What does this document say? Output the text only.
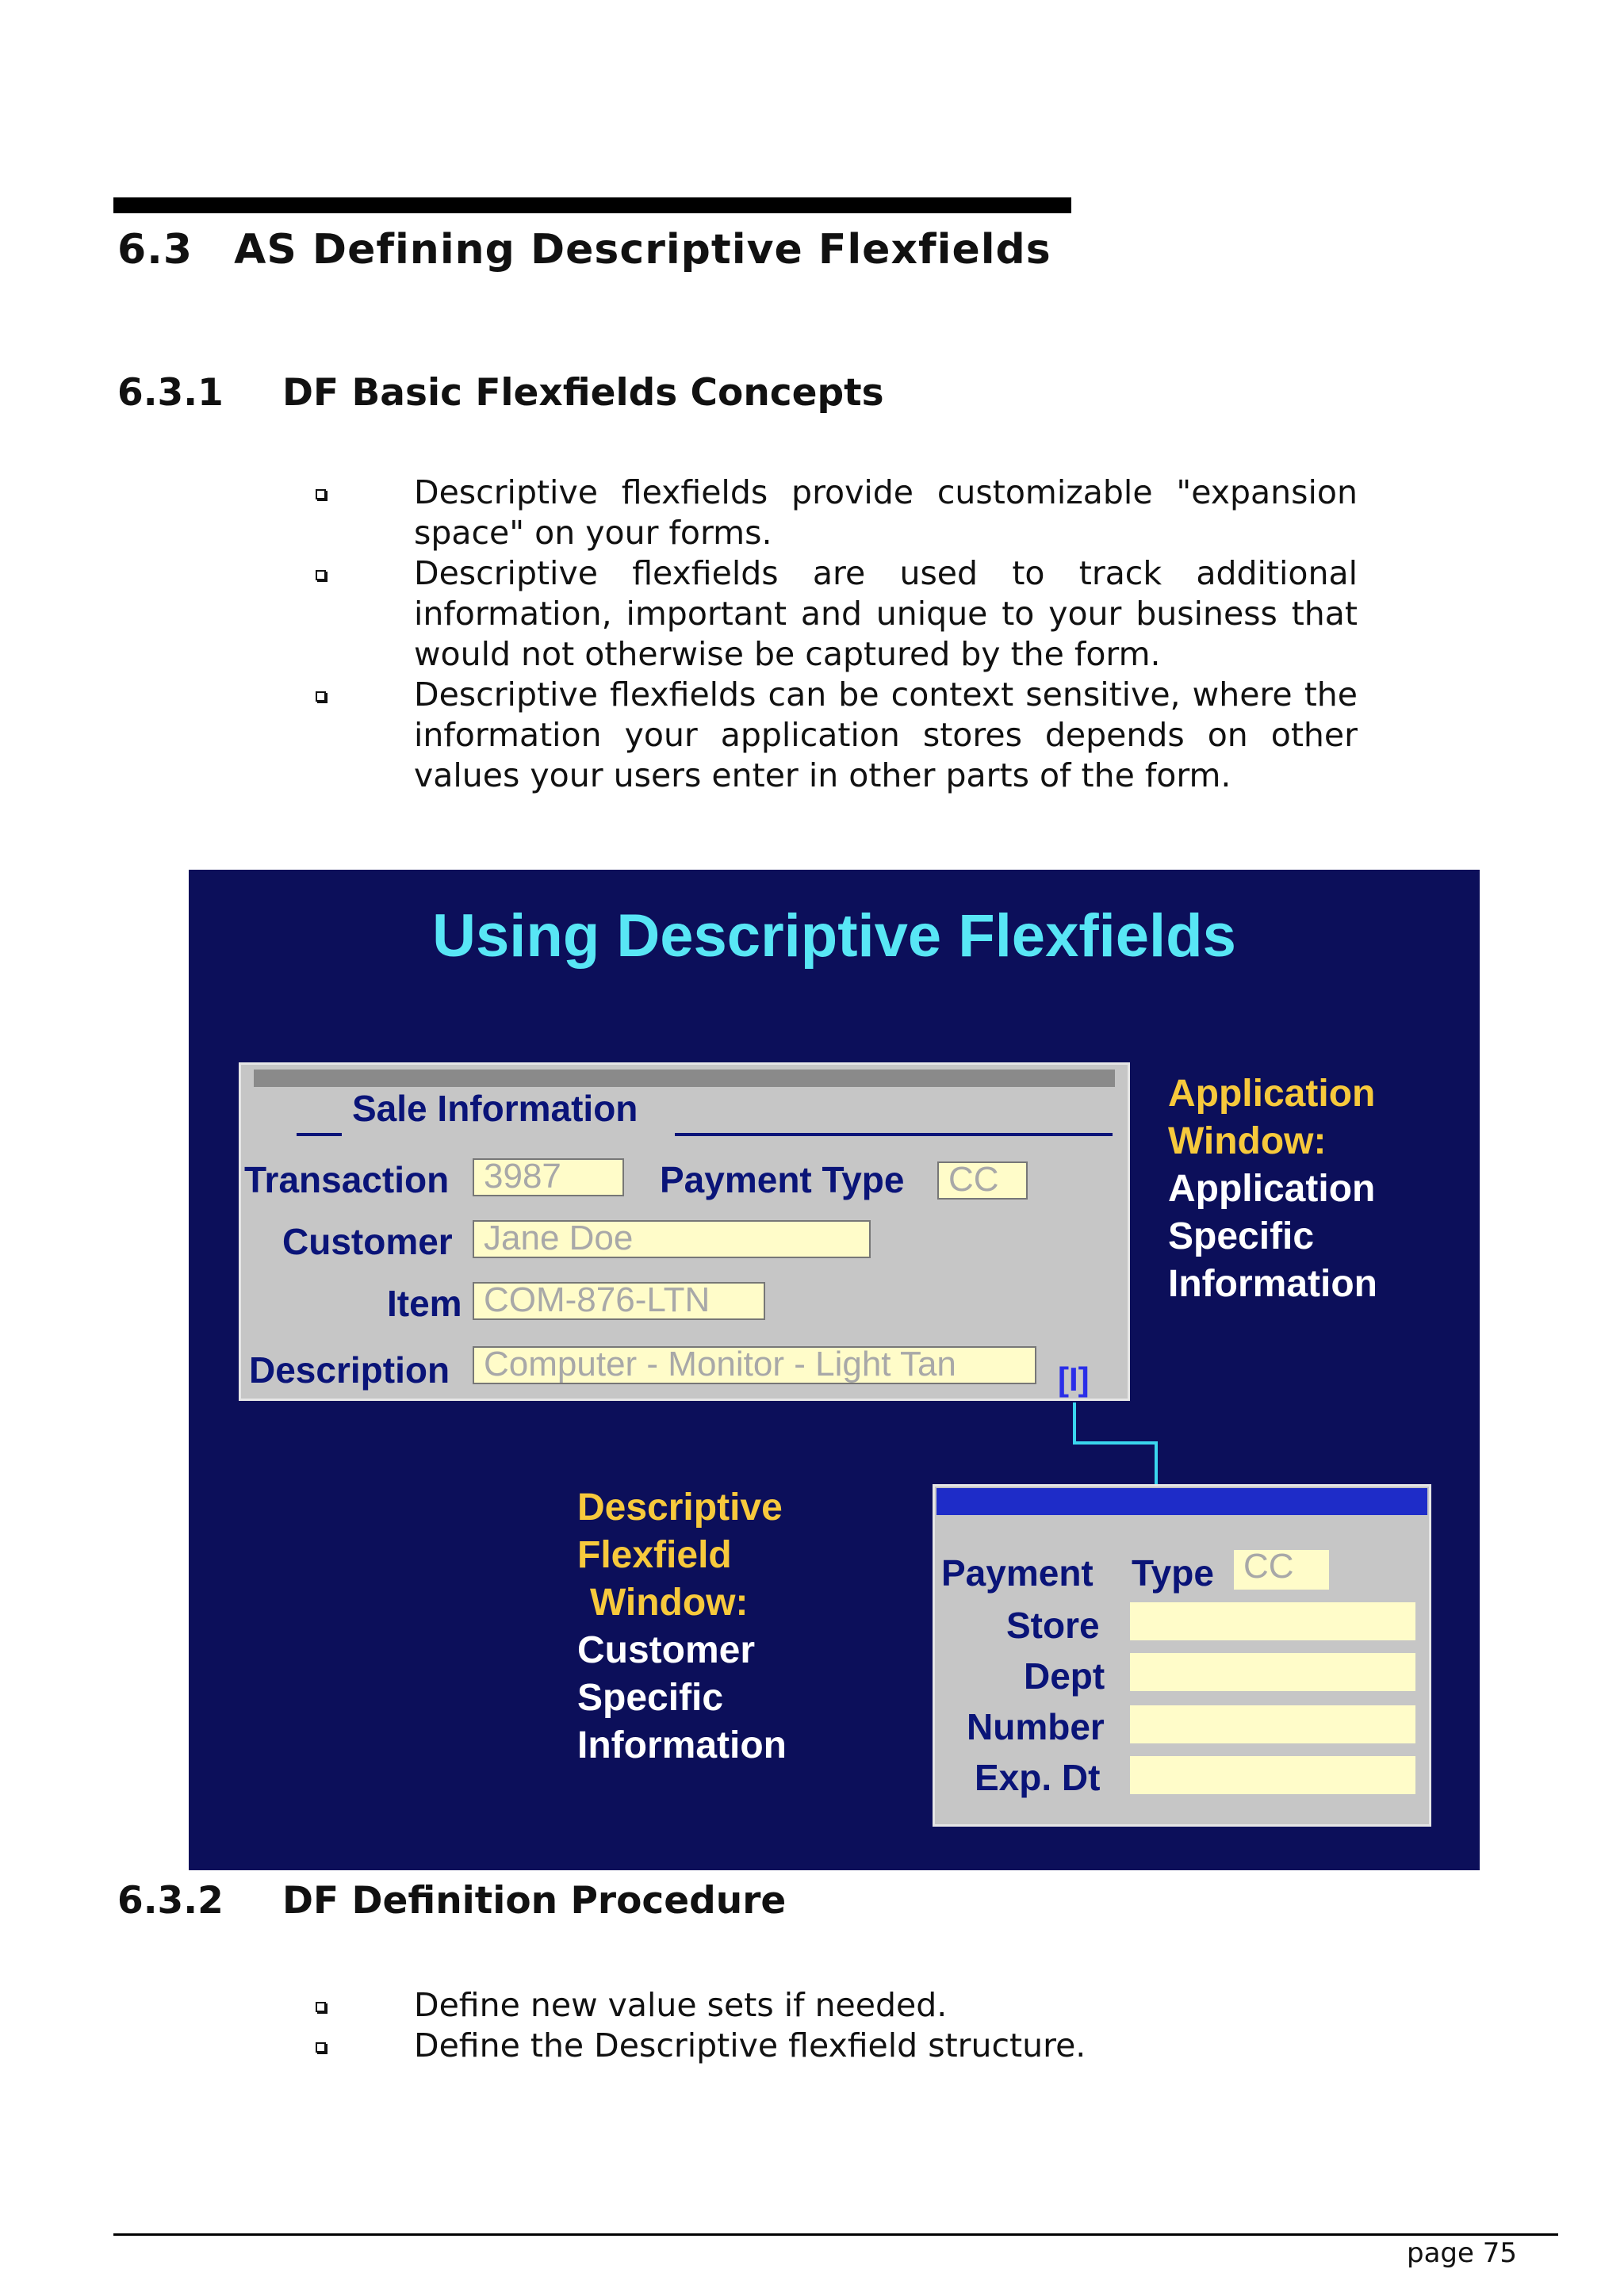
6.3 AS Defining Descriptive Flexfields
6.3.1 DF Basic Flexfields Concepts
Descriptive flexfields provide customizable "expansion space" on your forms.
Descriptive flexfields are used to track additional information, important and unique to your business that would not otherwise be captured by the form.
Descriptive flexfields can be context sensitive, where the information your application stores depends on other values your users enter in other parts of the form.
Using Descriptive Flexfields
Sale Information
Transaction 3987	Payment Type	CC
Customer Jane Doe
Item COM-876-LTN
Description Computer - Monitor - Light Tan	[I]
Application
Window:
Application
Specific
Information
Descriptive
Flexfield
Window:
Customer
Specific
Information
Payment Type CC
Store
Dept
Number
Exp. Dt
6.3.2 DF Definition Procedure
Define new value sets if needed.
Define the Descriptive flexfield structure.
page 75
